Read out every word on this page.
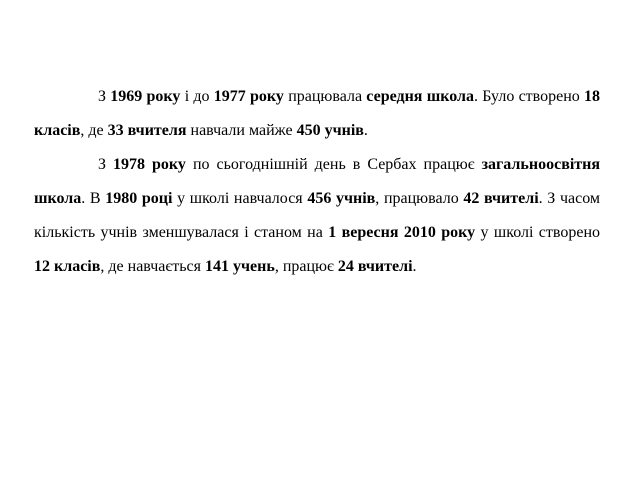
З 1969 року і до 1977 року працювала середня школа. Було створено 18 класів, де 33 вчителя навчали майже 450 учнів.

З 1978 року по сьогоднішній день в Сербах працює загальноосвітня школа. В 1980 році у школі навчалося 456 учнів, працювало 42 вчителі. З часом кількість учнів зменшувалася і станом на 1 вересня 2010 року у школі створено 12 класів, де навчається 141 учень, працює 24 вчителі.
